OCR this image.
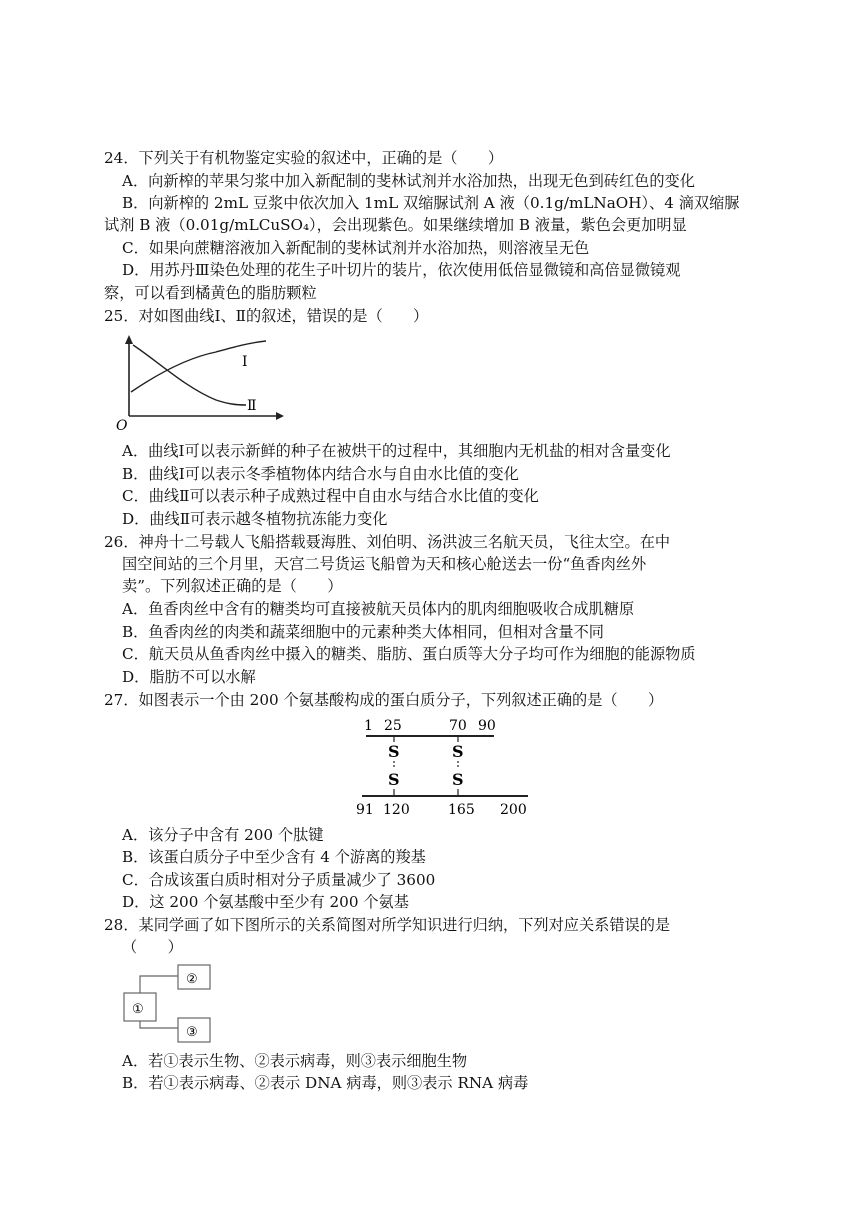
24．下列关于有机物鉴定实验的叙述中，正确的是（　　）
A．向新榨的苹果匀浆中加入新配制的斐林试剂并水浴加热，出现无色到砖红色的变化
B．向新榨的 2mL 豆浆中依次加入 1mL 双缩脲试剂 A 液（0.1g/mLNaOH）、4 滴双缩脲
试剂 B 液（0.01g/mLCuSO₄），会出现紫色。如果继续增加 B 液量，紫色会更加明显
C．如果向蔗糖溶液加入新配制的斐林试剂并水浴加热，则溶液呈无色
D．用苏丹Ⅲ染色处理的花生子叶切片的装片，依次使用低倍显微镜和高倍显微镜观
察，可以看到橘黄色的脂肪颗粒
25．对如图曲线Ⅰ、Ⅱ的叙述，错误的是（　　）
Ⅰ
Ⅱ
O
A．曲线Ⅰ可以表示新鲜的种子在被烘干的过程中，其细胞内无机盐的相对含量变化
B．曲线Ⅰ可以表示冬季植物体内结合水与自由水比值的变化
C．曲线Ⅱ可以表示种子成熟过程中自由水与结合水比值的变化
D．曲线Ⅱ可表示越冬植物抗冻能力变化
26．神舟十二号载人飞船搭载聂海胜、刘伯明、汤洪波三名航天员，飞往太空。在中
国空间站的三个月里，天宫二号货运飞船曾为天和核心舱送去一份“鱼香肉丝外
卖”。下列叙述正确的是（　　）
A．鱼香肉丝中含有的糖类均可直接被航天员体内的肌肉细胞吸收合成肌糖原
B．鱼香肉丝的肉类和蔬菜细胞中的元素种类大体相同，但相对含量不同
C．航天员从鱼香肉丝中摄入的糖类、脂肪、蛋白质等大分子均可作为细胞的能源物质
D．脂肪不可以水解
27．如图表示一个由 200 个氨基酸构成的蛋白质分子，下列叙述正确的是（　　）
1 25	70 90
S	S
S	S
91 120	165 200
A．该分子中含有 200 个肽键
B．该蛋白质分子中至少含有 4 个游离的羧基
C．合成该蛋白质时相对分子质量减少了 3600
D．这 200 个氨基酸中至少有 200 个氨基
28．某同学画了如下图所示的关系简图对所学知识进行归纳，下列对应关系错误的是
（　　）
①
②
③
A．若①表示生物、②表示病毒，则③表示细胞生物
B．若①表示病毒、②表示 DNA 病毒，则③表示 RNA 病毒
